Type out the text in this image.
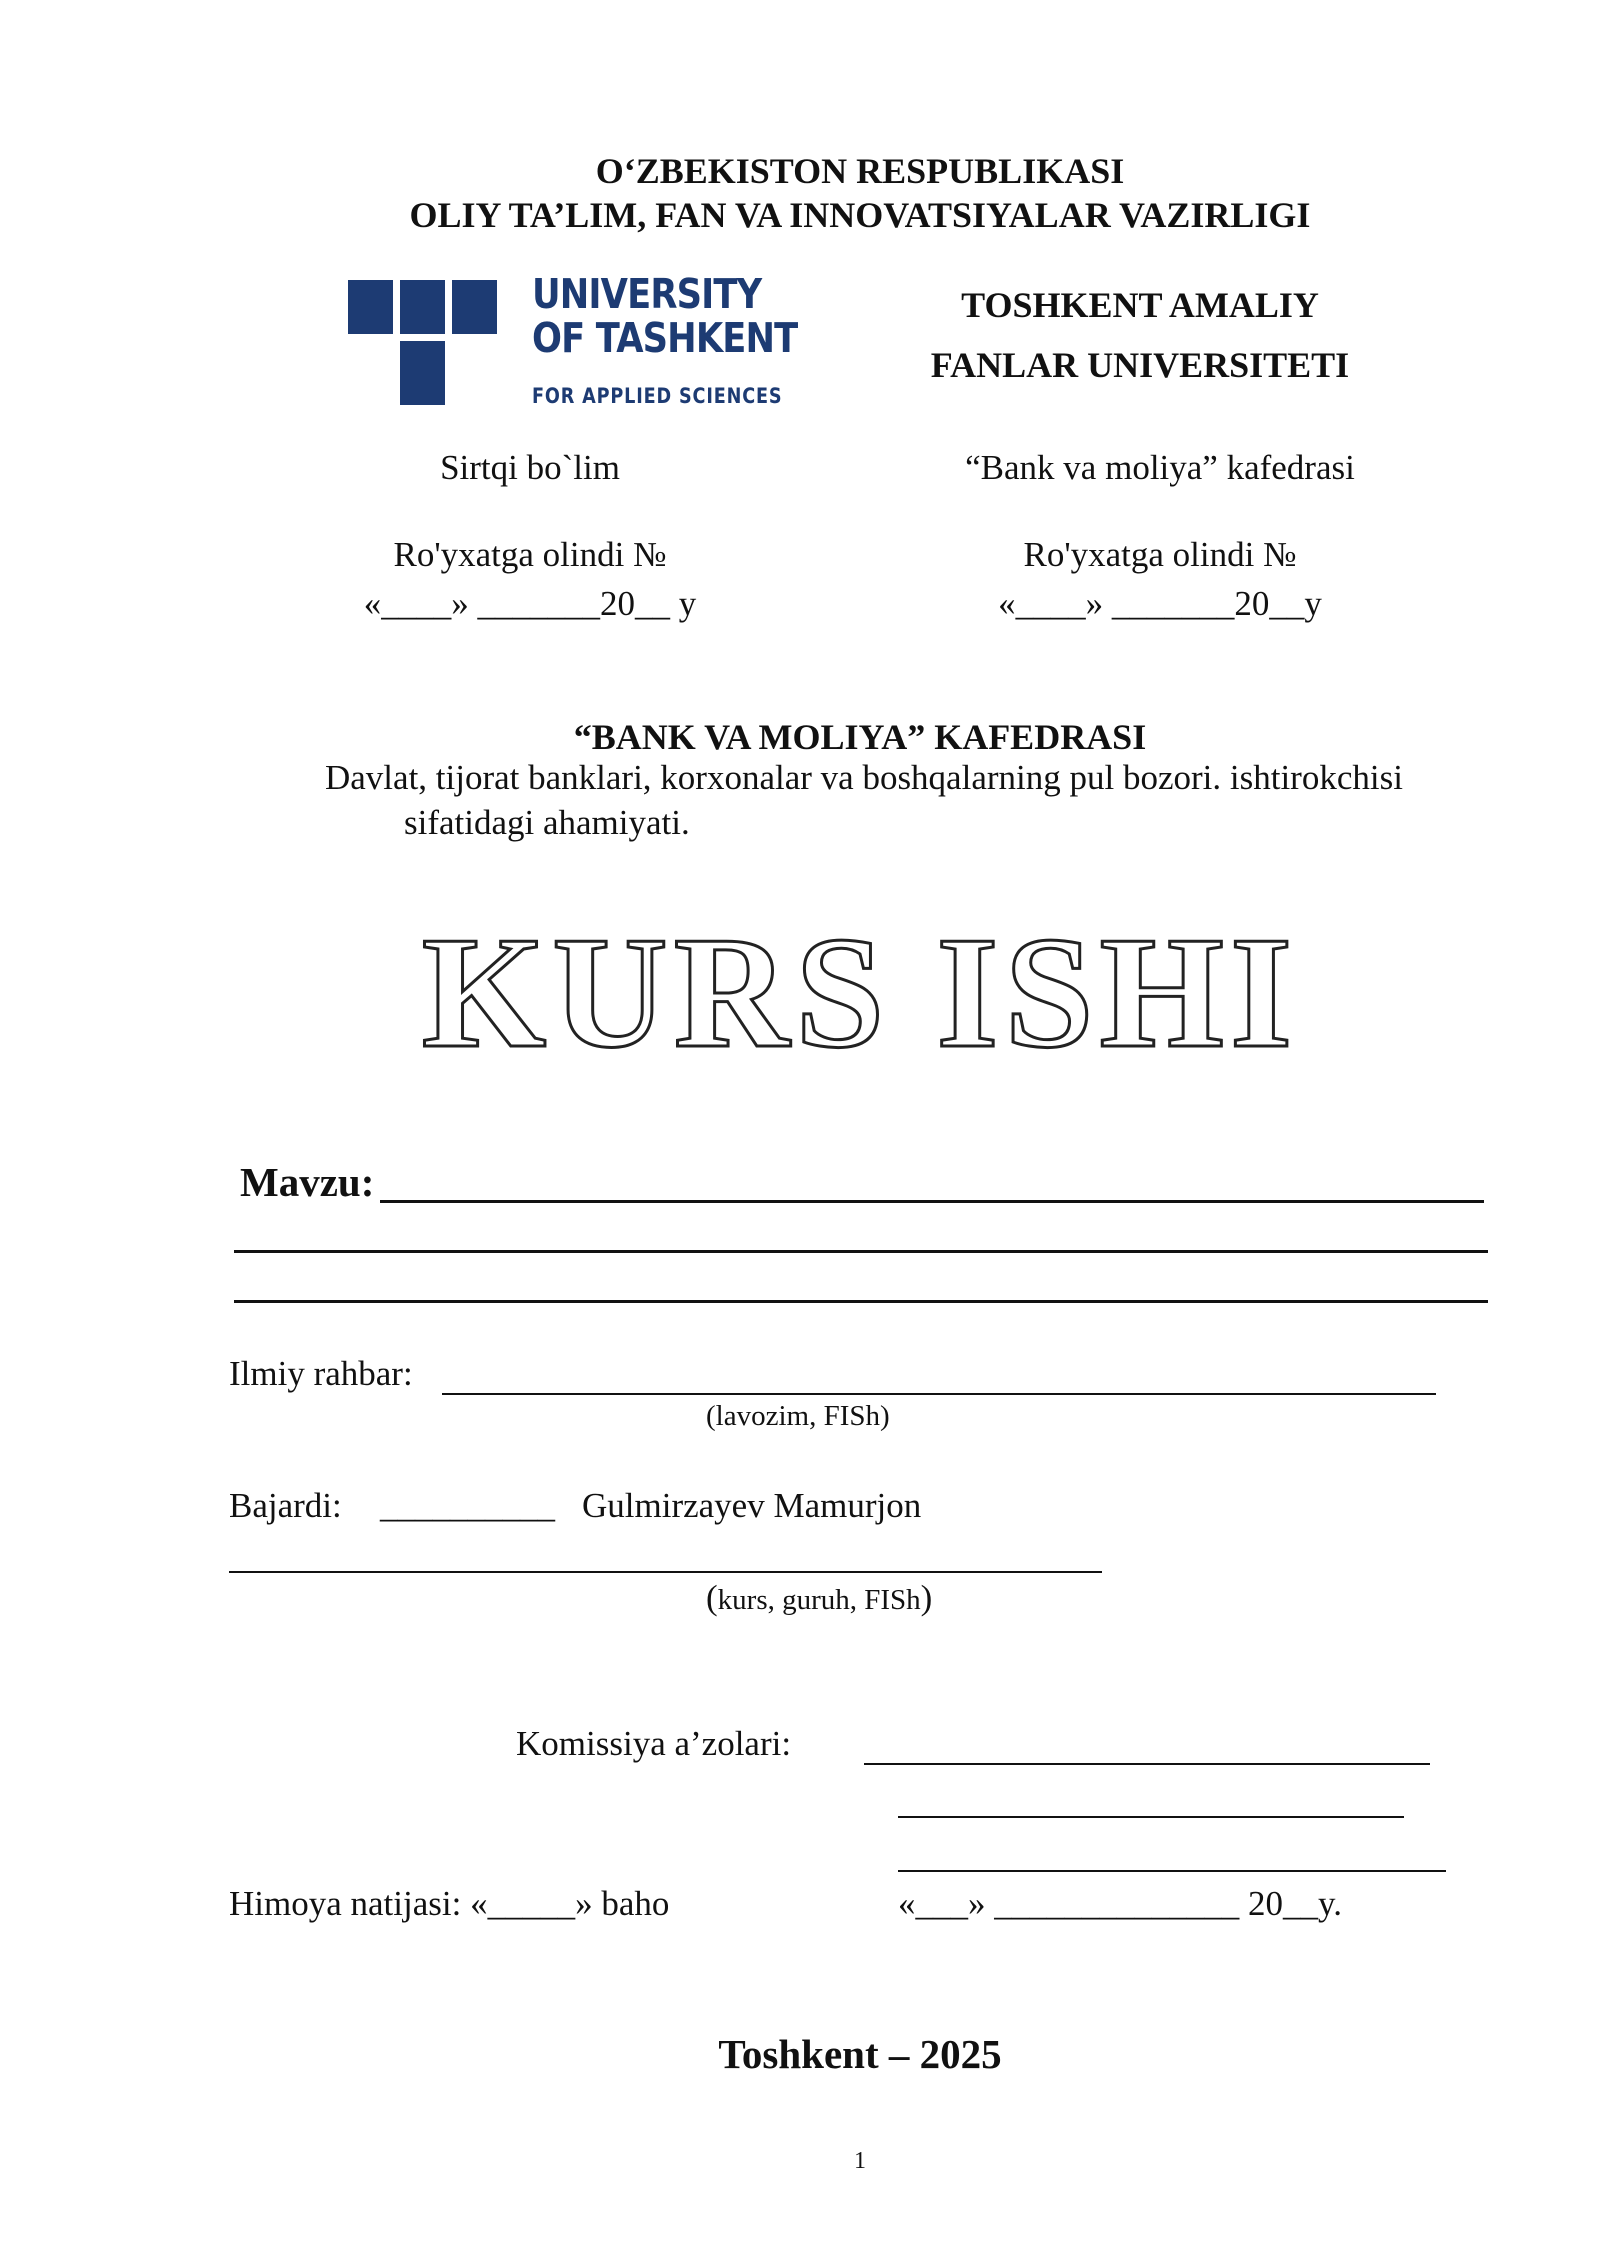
O‘ZBEKISTON RESPUBLIKASI
OLIY TA’LIM, FAN VA INNOVATSIYALAR VAZIRLIGI
UNIVERSITY
OF TASHKENT
FOR APPLIED SCIENCES
TOSHKENT AMALIY
FANLAR UNIVERSITETI
Sirtqi bo`lim	“Bank va moliya” kafedrasi
Ro'yxatga olindi №
«____» _______20__ y
Ro'yxatga olindi №
«____» _______20__y
“BANK VA MOLIYA” KAFEDRASI
Davlat, tijorat banklari, korxonalar va boshqalarning pul bozori. ishtirokchisi
sifatidagi ahamiyati.
KURS ISHI
Mavzu:
Ilmiy rahbar:
(lavozim, FISh)
Bajardi: __________ Gulmirzayev Mamurjon
(kurs, guruh, FISh)
Komissiya a’zolari:
Himoya natijasi: «_____» baho	«___» ______________ 20__y.
Toshkent – 2025
1
